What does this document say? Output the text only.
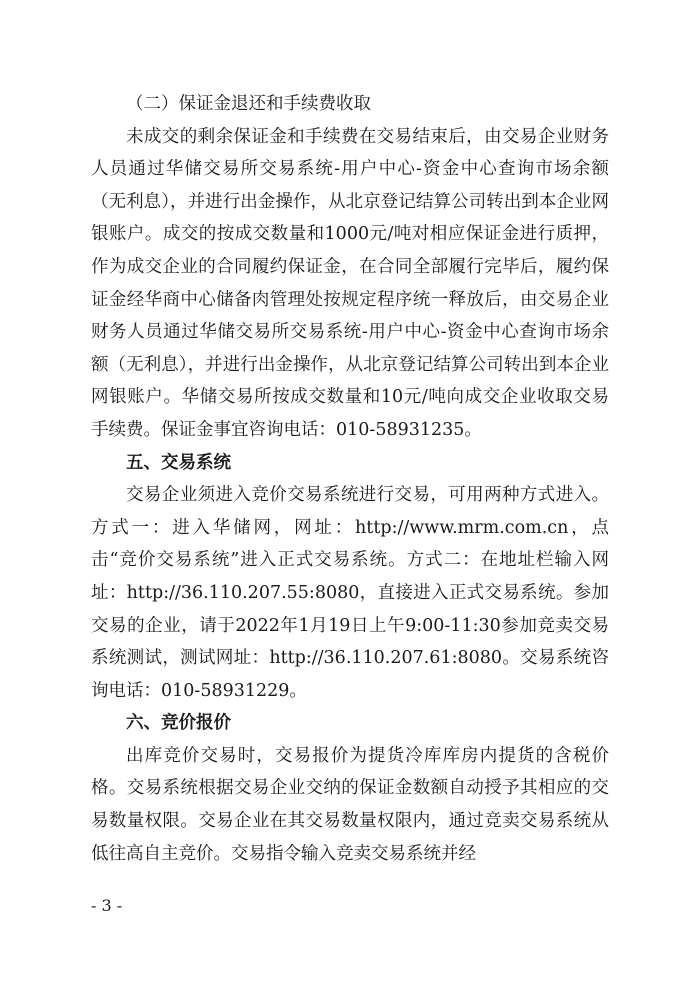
（二）保证金退还和手续费收取

未成交的剩余保证金和手续费在交易结束后，由交易企业财务人员通过华储交易所交易系统-用户中心-资金中心查询市场余额（无利息），并进行出金操作，从北京登记结算公司转出到本企业网银账户。成交的按成交数量和1000元/吨对相应保证金进行质押，作为成交企业的合同履约保证金，在合同全部履行完毕后，履约保证金经华商中心储备肉管理处按规定程序统一释放后，由交易企业财务人员通过华储交易所交易系统-用户中心-资金中心查询市场余额（无利息），并进行出金操作，从北京登记结算公司转出到本企业网银账户。华储交易所按成交数量和10元/吨向成交企业收取交易手续费。保证金事宜咨询电话：010-58931235。

五、交易系统

交易企业须进入竞价交易系统进行交易，可用两种方式进入。方式一：进入华储网，网址：http://www.mrm.com.cn，点击“竞价交易系统”进入正式交易系统。方式二：在地址栏输入网址：http://36.110.207.55:8080，直接进入正式交易系统。参加交易的企业，请于2022年1月19日上午9:00-11:30参加竞卖交易系统测试，测试网址：http://36.110.207.61:8080。交易系统咨询电话：010-58931229。

六、竞价报价

出库竞价交易时，交易报价为提货冷库库房内提货的含税价格。交易系统根据交易企业交纳的保证金数额自动授予其相应的交易数量权限。交易企业在其交易数量权限内，通过竞卖交易系统从低往高自主竞价。交易指令输入竞卖交易系统并经

- 3 -
